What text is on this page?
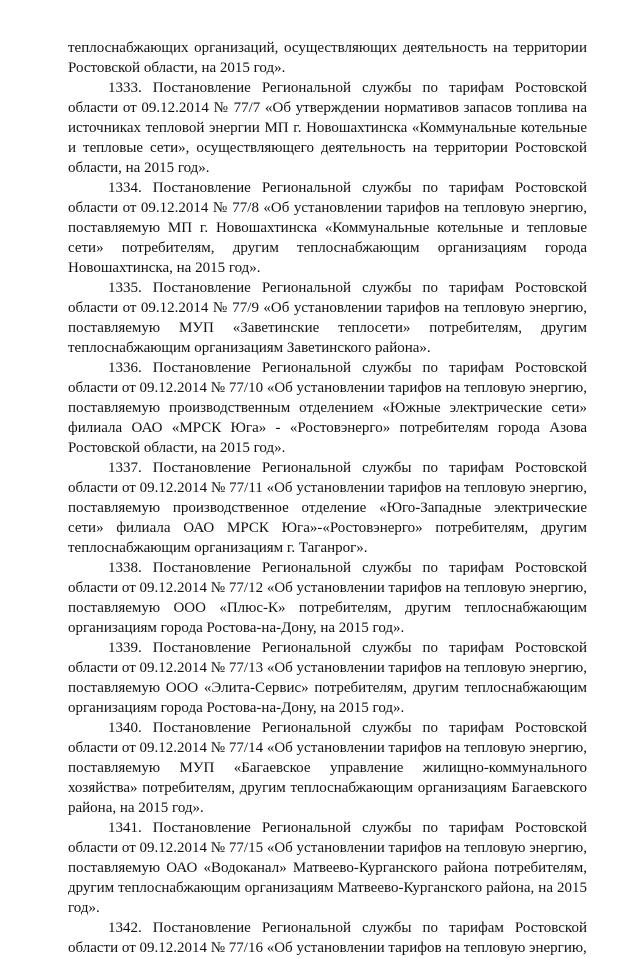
теплоснабжающих организаций, осуществляющих деятельность на территории Ростовской области, на 2015 год».

1333. Постановление Региональной службы по тарифам Ростовской области от 09.12.2014 № 77/7 «Об утверждении нормативов запасов топлива на источниках тепловой энергии МП г. Новошахтинска «Коммунальные котельные и тепловые сети», осуществляющего деятельность на территории Ростовской области, на 2015 год».

1334. Постановление Региональной службы по тарифам Ростовской области от 09.12.2014 № 77/8 «Об установлении тарифов на тепловую энергию, поставляемую МП г. Новошахтинска «Коммунальные котельные и тепловые сети» потребителям, другим теплоснабжающим организациям города Новошахтинска, на 2015 год».

1335. Постановление Региональной службы по тарифам Ростовской области от 09.12.2014 № 77/9 «Об установлении тарифов на тепловую энергию, поставляемую МУП «Заветинские теплосети» потребителям, другим теплоснабжающим организациям Заветинского района».

1336. Постановление Региональной службы по тарифам Ростовской области от 09.12.2014 № 77/10 «Об установлении тарифов на тепловую энергию, поставляемую производственным отделением «Южные электрические сети» филиала ОАО «МРСК Юга» - «Ростовэнерго» потребителям города Азова Ростовской области, на 2015 год».

1337. Постановление Региональной службы по тарифам Ростовской области от 09.12.2014 № 77/11 «Об установлении тарифов на тепловую энергию, поставляемую производственное отделение «Юго-Западные электрические сети» филиала ОАО МРСК Юга»-«Ростовэнерго» потребителям, другим теплоснабжающим организациям г. Таганрог».

1338. Постановление Региональной службы по тарифам Ростовской области от 09.12.2014 № 77/12 «Об установлении тарифов на тепловую энергию, поставляемую ООО «Плюс-К» потребителям, другим теплоснабжающим организациям города Ростова-на-Дону, на 2015 год».

1339. Постановление Региональной службы по тарифам Ростовской области от 09.12.2014 № 77/13 «Об установлении тарифов на тепловую энергию, поставляемую ООО «Элита-Сервис» потребителям, другим теплоснабжающим организациям города Ростова-на-Дону, на 2015 год».

1340. Постановление Региональной службы по тарифам Ростовской области от 09.12.2014 № 77/14 «Об установлении тарифов на тепловую энергию, поставляемую МУП «Багаевское управление жилищно-коммунального хозяйства» потребителям, другим теплоснабжающим организациям Багаевского района, на 2015 год».

1341. Постановление Региональной службы по тарифам Ростовской области от 09.12.2014 № 77/15 «Об установлении тарифов на тепловую энергию, поставляемую ОАО «Водоканал» Матвеево-Курганского района потребителям, другим теплоснабжающим организациям Матвеево-Курганского района, на 2015 год».

1342. Постановление Региональной службы по тарифам Ростовской области от 09.12.2014 № 77/16 «Об установлении тарифов на тепловую энергию,
